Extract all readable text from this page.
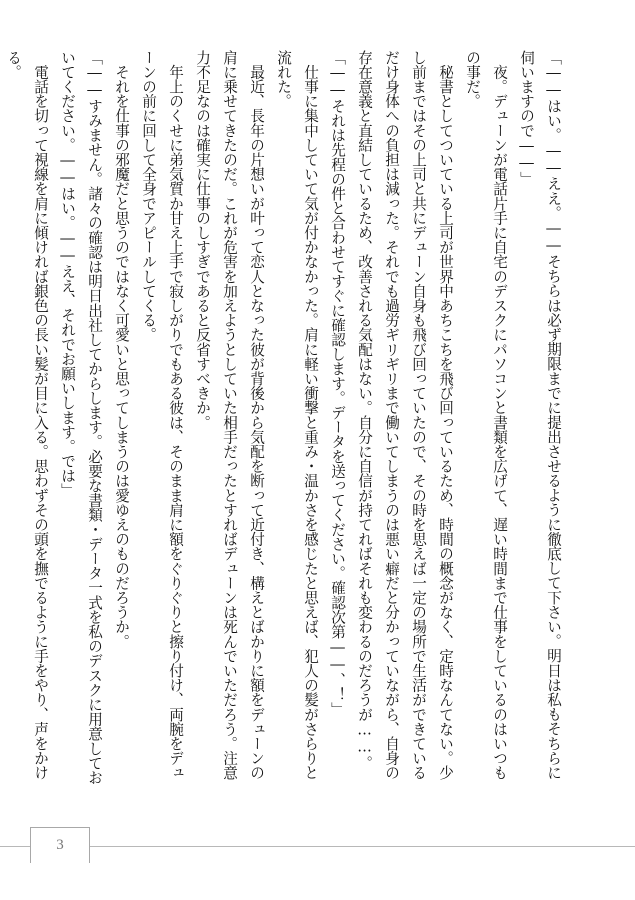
「――はい。――ええ。――そちらは必ず期限までに提出させるように徹底して下さい。明日は私もそちらに伺いますので――」

　夜。デューンが電話片手に自宅のデスクにパソコンと書類を広げて、遅い時間まで仕事をしているのはいつもの事だ。

　秘書としてついている上司が世界中あちこちを飛び回っているため、時間の概念がなく、定時なんてない。少し前まではその上司と共にデューン自身も飛び回っていたので、その時を思えば一定の場所で生活ができているだけ身体への負担は減った。それでも過労ギリギリまで働いてしまうのは悪い癖だと分かっていながら、自身の存在意義と直結しているため、改善される気配はない。自分に自信が持てればそれも変わるのだろうが……。

「――それは先程の件と合わせてすぐに確認します。データを送ってください。確認次第――、！」

　仕事に集中していて気が付かなかった。肩に軽い衝撃と重み・温かさを感じたと思えば、犯人の髪がさらりと流れた。

　最近、長年の片想いが叶って恋人となった彼が背後から気配を断って近付き、構えとばかりに額をデューンの肩に乗せてきたのだ。これが危害を加えようとしていた相手だったとすればデューンは死んでいただろう。注意力不足なのは確実に仕事のしすぎであると反省すべきか。

　年上のくせに弟気質か甘え上手で寂しがりでもある彼は、そのまま肩に額をぐりぐりと擦り付け、両腕をデューンの前に回して全身でアピールしてくる。

　それを仕事の邪魔だと思うのではなく可愛いと思ってしまうのは愛ゆえのものだろうか。

「――すみません。諸々の確認は明日出社してからします。必要な書類・データ一式を私のデスクに用意しておいてください。――はい。――ええ、それでお願いします。では」

　電話を切って視線を肩に傾ければ銀色の長い髪が目に入る。思わずその頭を撫でるように手をやり、声をかける。

3
